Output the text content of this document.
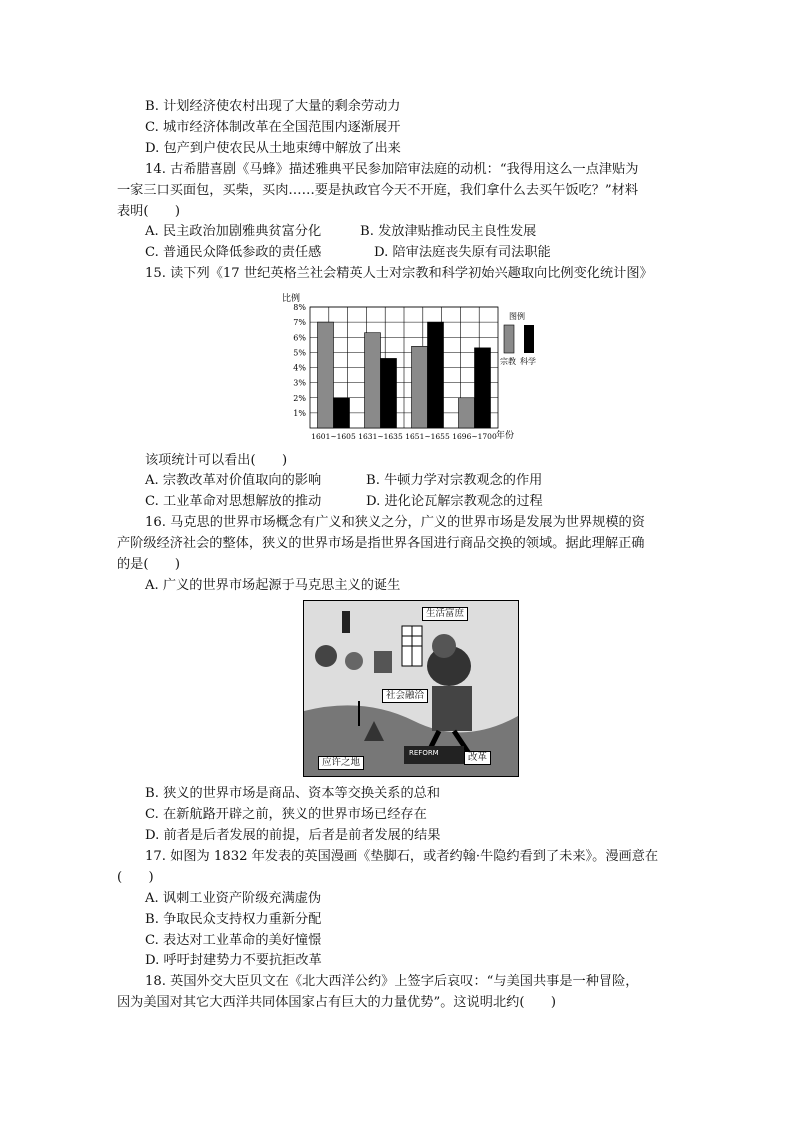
B. 计划经济使农村出现了大量的剩余劳动力
C. 城市经济体制改革在全国范围内逐渐展开
D. 包产到户使农民从土地束缚中解放了出来
14. 古希腊喜剧《马蜂》描述雅典平民参加陪审法庭的动机：“我得用这么一点津贴为
一家三口买面包，买柴，买肉……要是执政官今天不开庭，我们拿什么去买午饭吃？”材料
表明(　　)
A. 民主政治加剧雅典贫富分化	B. 发放津贴推动民主良性发展
C. 普通民众降低参政的责任感	D. 陪审法庭丧失原有司法职能
15. 读下列《17 世纪英格兰社会精英人士对宗教和科学初始兴趣取向比例变化统计图》
1%
2%
3%
4%
5%
6%
7%
8%
1601~1605 1631~1635 1651~1655 1696~1700
比例
年份
图例
宗教 科学
该项统计可以看出(　　)
A. 宗教改革对价值取向的影响	B. 牛顿力学对宗教观念的作用
C. 工业革命对思想解放的推动	D. 进化论瓦解宗教观念的过程
16. 马克思的世界市场概念有广义和狭义之分，广义的世界市场是发展为世界规模的资
产阶级经济社会的整体，狭义的世界市场是指世界各国进行商品交换的领域。据此理解正确
的是(　　)
A. 广义的世界市场起源于马克思主义的诞生
生活富庶
社会融洽
应许之地	改革
REFORM
B. 狭义的世界市场是商品、资本等交换关系的总和
C. 在新航路开辟之前，狭义的世界市场已经存在
D. 前者是后者发展的前提，后者是前者发展的结果
17. 如图为 1832 年发表的英国漫画《垫脚石，或者约翰·牛隐约看到了未来》。漫画意在
(　　)
A. 讽刺工业资产阶级充满虚伪
B. 争取民众支持权力重新分配
C. 表达对工业革命的美好憧憬
D. 呼吁封建势力不要抗拒改革
18. 英国外交大臣贝文在《北大西洋公约》上签字后哀叹：“与美国共事是一种冒险，
因为美国对其它大西洋共同体国家占有巨大的力量优势”。这说明北约(　　)
